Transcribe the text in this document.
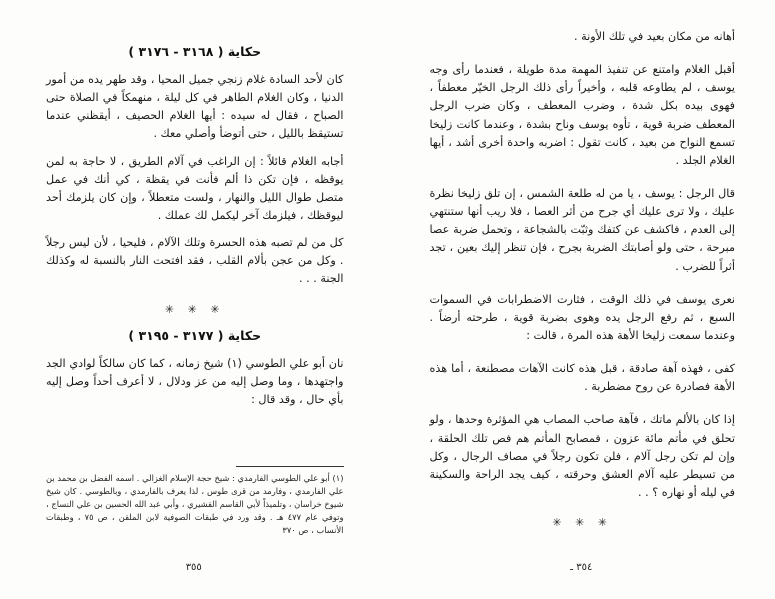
حكاية ( ٣١٦٨ - ٣١٧٦ )

كان لأحد السادة غلام زنجي جميل المحيا ، وقد طهر يده من أمور الدنيا ، وكان الغلام الطاهر في كل ليلة ، منهمكاً في الصلاة حتى الصباح ، فقال له سيده : أيها الغلام الحصيف ، أيقظني عندما تستيقظ بالليل ، حتى أتوضأ وأصلي معك .

أجابه الغلام قائلاً : إن الراغب في آلام الطريق ، لا حاجة به لمن يوقظه ، فإن تكن ذا ألم فأنت في يقظة ، كي أنك في عمل متصل طوال الليل والنهار ، ولست متعطلاً ، وإن كان يلزمك أحد ليوقظك ، فيلزمك آخر ليكمل لك عملك .

كل من لم تصبه هذه الحسرة وتلك الآلام ، فليحيا ، لأن ليس رجلاً . وكل من عجن بألام القلب ، فقد افتحت النار بالنسبة له وكذلك الجنة . . .

✳ ✳ ✳
حكاية ( ٣١٧٧ - ٣١٩٥ )

نان أبو علي الطوسي (١) شيخ زمانه ، كما كان سالكاً لوادي الجد واجتهدها ، وما وصل إليه من عز ودلال ، لا أعرف أحداً وصل إليه بأي حال ، وقد قال :

(١) أبو علي الطوسي الفارمدي : شيخ حجة الإسلام الغزالي . اسمه الفضل بن محمد بن علي الفارمدي ، وفارمد من قرى طوس ، لذا يعرف بالفارمدي ، وبالطوسي . كان شيخ شيوخ خراسان ، وتلميذاً لأبي القاسم القشيري ، وأبي عبد الله الحسين بن علي النساج ، وتوفي عام ٤٧٧ هـ . وقد ورد في طبقات الصوفية لابن الملقن ، ص ٧٥ ، وطبقات الأنساب ، ص ٣٧٠

٣٥٥

أهانه من مكان بعيد في تلك الأونة .

أقبل الغلام وامتنع عن تنفيذ المهمة مدة طويلة ، فعندما رأى وجه يوسف ، لم يطاوعه قلبه ، وأخيراً رأى ذلك الرجل الخيّر معطفاً ، فهوى بيده بكل شدة ، وضرب المعطف ، وكان ضرب الرجل المعطف ضربة قوية ، تأوه يوسف وناح بشدة ، وعندما كانت زليخا تسمع النواح من بعيد ، كانت تقول : اضربه واحدة أخرى أشد ، أيها الغلام الجلد .

قال الرجل : يوسف ، يا من له طلعة الشمس ، إن تلق زليخا نظرة عليك ، ولا ترى عليك أي جرح من أثر العصا ، فلا ريب أنها ستنتهي إلى العدم ، فاكشف عن كتفك وثبّت بالشجاعة ، وتحمل ضربة عصا مبرحة ، حتى ولو أصابتك الضربة بجرح ، فإن تنظر إليك بعين ، تجد أثراً للضرب .

نعرى يوسف في ذلك الوقت ، فثارت الاضطرابات في السموات السبع ، ثم رفع الرجل يده وهوى بضربة قوية ، طرحته أرضاً . وعندما سمعت زليخا الأهة هذه المرة ، قالت :

كفى ، فهذه آهة صادقة ، قبل هذه كانت الآهات مصطنعة ، أما هذه الأهة فصادرة عن روح مضطربة .

إذا كان بالألم ماتك ، فآهة صاحب المصاب هي المؤثرة وحدها ، ولو تحلق في مأتم مائة عزون ، فمصابح المأتم هم فص تلك الحلقة ، وإن لم تكن رجل آلام ، فلن تكون رجلاً في مصاف الرجال ، وكل من تسيطر عليه آلام العشق وحرقته ، كيف يجد الراحة والسكينة في ليله أو نهاره ؟ . .

✳ ✳ ✳
٣٥٤ ـ
